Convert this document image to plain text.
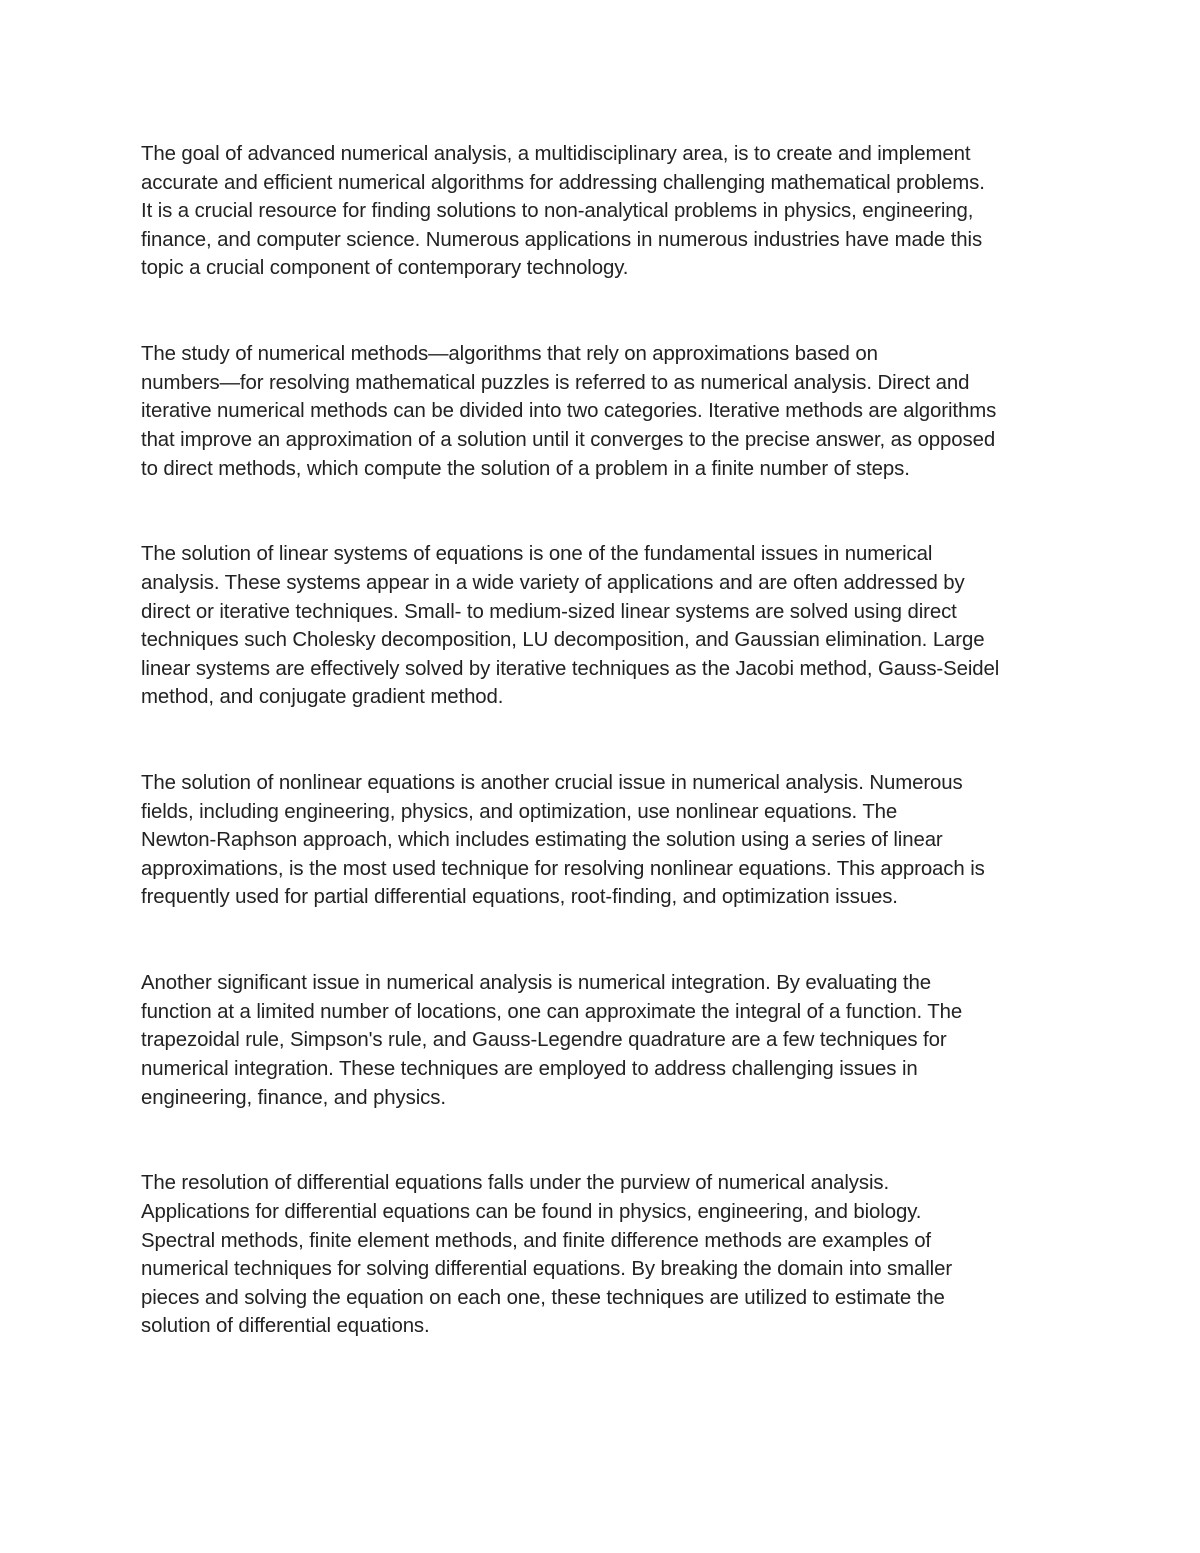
The goal of advanced numerical analysis, a multidisciplinary area, is to create and implement
accurate and efficient numerical algorithms for addressing challenging mathematical problems.
It is a crucial resource for finding solutions to non-analytical problems in physics, engineering,
finance, and computer science. Numerous applications in numerous industries have made this
topic a crucial component of contemporary technology.

The study of numerical methods—algorithms that rely on approximations based on
numbers—for resolving mathematical puzzles is referred to as numerical analysis. Direct and
iterative numerical methods can be divided into two categories. Iterative methods are algorithms
that improve an approximation of a solution until it converges to the precise answer, as opposed
to direct methods, which compute the solution of a problem in a finite number of steps.

The solution of linear systems of equations is one of the fundamental issues in numerical
analysis. These systems appear in a wide variety of applications and are often addressed by
direct or iterative techniques. Small- to medium-sized linear systems are solved using direct
techniques such Cholesky decomposition, LU decomposition, and Gaussian elimination. Large
linear systems are effectively solved by iterative techniques as the Jacobi method, Gauss-Seidel
method, and conjugate gradient method.

The solution of nonlinear equations is another crucial issue in numerical analysis. Numerous
fields, including engineering, physics, and optimization, use nonlinear equations. The
Newton-Raphson approach, which includes estimating the solution using a series of linear
approximations, is the most used technique for resolving nonlinear equations. This approach is
frequently used for partial differential equations, root-finding, and optimization issues.

Another significant issue in numerical analysis is numerical integration. By evaluating the
function at a limited number of locations, one can approximate the integral of a function. The
trapezoidal rule, Simpson's rule, and Gauss-Legendre quadrature are a few techniques for
numerical integration. These techniques are employed to address challenging issues in
engineering, finance, and physics.

The resolution of differential equations falls under the purview of numerical analysis.
Applications for differential equations can be found in physics, engineering, and biology.
Spectral methods, finite element methods, and finite difference methods are examples of
numerical techniques for solving differential equations. By breaking the domain into smaller
pieces and solving the equation on each one, these techniques are utilized to estimate the
solution of differential equations.
